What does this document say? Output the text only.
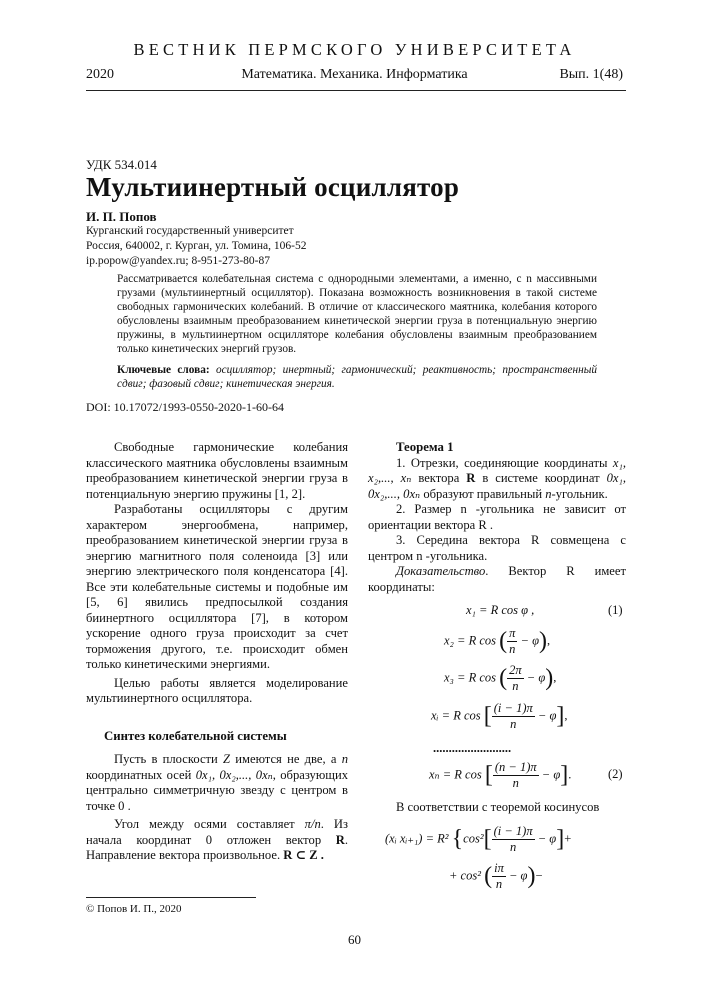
ВЕСТНИК ПЕРМСКОГО УНИВЕРСИТЕТА
2020	Математика. Механика. Информатика	Вып. 1(48)
УДК 534.014
Мультиинертный осциллятор
И. П. Попов
Курганский государственный университет
Россия, 640002, г. Курган, ул. Томина, 106-52
ip.popow@yandex.ru; 8-951-273-80-87
Рассматривается колебательная система с однородными элементами, а именно, с n массивными грузами (мультиинертный осциллятор). Показана возможность возникновения в такой системе свободных гармонических колебаний. В отличие от классического маятника, колебания которого обусловлены взаимным преобразованием кинетической энергии груза в потенциальную энергию пружины, в мультиинертном осцилляторе колебания обусловлены взаимным преобразованием только кинетических энергий грузов.
Ключевые слова: осциллятор; инертный; гармонический; реактивность; пространственный сдвиг; фазовый сдвиг; кинетическая энергия.
DOI: 10.17072/1993-0550-2020-1-60-64

Свободные гармонические колебания классического маятника обусловлены взаимным преобразованием кинетической энергии груза в потенциальную энергию пружины [1, 2].

Разработаны осцилляторы с другим характером энергообмена, например, преобразованием кинетической энергии груза в энергию магнитного поля соленоида [3] или энергию электрического поля конденсатора [4]. Все эти колебательные системы и подобные им [5, 6] явились предпосылкой создания биинертного осциллятора [7], в котором ускорение одного груза происходит за счет торможения другого, т.е. происходит обмен только кинетическими энергиями.

Целью работы является моделирование мультиинертного осциллятора.

Синтез колебательной системы

Пусть в плоскости Z имеются не две, а n координатных осей 0x₁, 0x₂,..., 0xₙ, образующих центрально симметричную звезду с центром в точке 0 .

Угол между осями составляет π/n. Из начала координат 0 отложен вектор R. Направление вектора произвольное. R ⊂ Z .

Теорема 1

1. Отрезки, соединяющие координаты x₁, x₂,..., xₙ вектора R в системе координат 0x₁, 0x₂,..., 0xₙ образуют правильный n-угольник.

2. Размер n -угольника не зависит от ориентации вектора R .

3. Середина вектора R совмещена с центром n -угольника.

Доказательство. Вектор R имеет координаты:

x₁ = R cos φ ,	(1)
x₂ = R cos ( $\frac{\pi}{n} - \varphi$),
x₃ = R cos ( $\frac{2\pi}{n} - \varphi$),
xᵢ = R cos [ $\frac{(i - 1)\pi}{n} - \varphi$],
.........................
xₙ = R cos [ $\frac{(n - 1)\pi}{n} - \varphi$].	(2)
В соответствии с теоремой косинусов
(xᵢ xᵢ₊₁) = R² {$\cos^2[ \frac{(i - 1)\pi}{n} - \varphi]+$
+ cos² ( $\frac{i\pi}{n} - \varphi)-$
© Попов И. П., 2020
60
